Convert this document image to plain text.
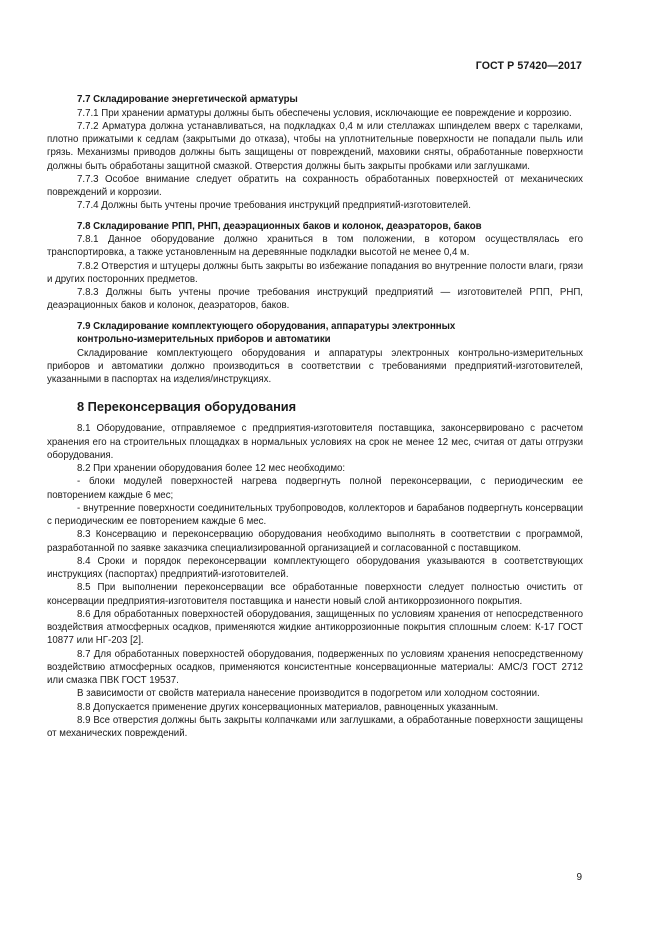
ГОСТ Р 57420—2017

7.7 Складирование энергетической арматуры

7.7.1 При хранении арматуры должны быть обеспечены условия, исключающие ее повреждение и коррозию.

7.7.2 Арматура должна устанавливаться, на подкладках 0,4 м или стеллажах шпинделем вверх с тарелками, плотно прижатыми к седлам (закрытыми до отказа), чтобы на уплотнительные поверхности не попадали пыль или грязь. Механизмы приводов должны быть защищены от повреждений, маховики сняты, обработанные поверхности должны быть обработаны защитной смазкой. Отверстия должны быть закрыты пробками или заглушками.

7.7.3 Особое внимание следует обратить на сохранность обработанных поверхностей от механических повреждений и коррозии.

7.7.4 Должны быть учтены прочие требования инструкций предприятий-изготовителей.

7.8 Складирование РПП, РНП, деаэрационных баков и колонок, деаэраторов, баков

7.8.1 Данное оборудование должно храниться в том положении, в котором осуществлялась его транспортировка, а также установленным на деревянные подкладки высотой не менее 0,4 м.

7.8.2 Отверстия и штуцеры должны быть закрыты во избежание попадания во внутренние полости влаги, грязи и других посторонних предметов.

7.8.3 Должны быть учтены прочие требования инструкций предприятий — изготовителей РПП, РНП, деаэрационных баков и колонок, деаэраторов, баков.

7.9 Складирование комплектующего оборудования, аппаратуры электронных
контрольно-измерительных приборов и автоматики

Складирование комплектующего оборудования и аппаратуры электронных контрольно-измерительных приборов и автоматики должно производиться в соответствии с требованиями предприятий-изготовителей, указанными в паспортах на изделия/инструкциях.

8 Переконсервация оборудования

8.1 Оборудование, отправляемое с предприятия-изготовителя поставщика, законсервировано с расчетом хранения его на строительных площадках в нормальных условиях на срок не менее 12 мес, считая от даты отгрузки оборудования.

8.2 При хранении оборудования более 12 мес необходимо:

- блоки модулей поверхностей нагрева подвергнуть полной переконсервации, с периодическим ее повторением каждые 6 мес;

- внутренние поверхности соединительных трубопроводов, коллекторов и барабанов подвергнуть консервации с периодическим ее повторением каждые 6 мес.

8.3 Консервацию и переконсервацию оборудования необходимо выполнять в соответствии с программой, разработанной по заявке заказчика специализированной организацией и согласованной с поставщиком.

8.4 Сроки и порядок переконсервации комплектующего оборудования указываются в соответствующих инструкциях (паспортах) предприятий-изготовителей.

8.5 При выполнении переконсервации все обработанные поверхности следует полностью очистить от консервации предприятия-изготовителя поставщика и нанести новый слой антикоррозионного покрытия.

8.6 Для обработанных поверхностей оборудования, защищенных по условиям хранения от непосредственного воздействия атмосферных осадков, применяются жидкие антикоррозионные покрытия сплошным слоем: К-17 ГОСТ 10877 или НГ-203 [2].

8.7 Для обработанных поверхностей оборудования, подверженных по условиям хранения непосредственному воздействию атмосферных осадков, применяются консистентные консервационные материалы: АМС/3 ГОСТ 2712 или смазка ПВК ГОСТ 19537.

В зависимости от свойств материала нанесение производится в подогретом или холодном состоянии.

8.8 Допускается применение других консервационных материалов, равноценных указанным.

8.9 Все отверстия должны быть закрыты колпачками или заглушками, а обработанные поверхности защищены от механических повреждений.

9
